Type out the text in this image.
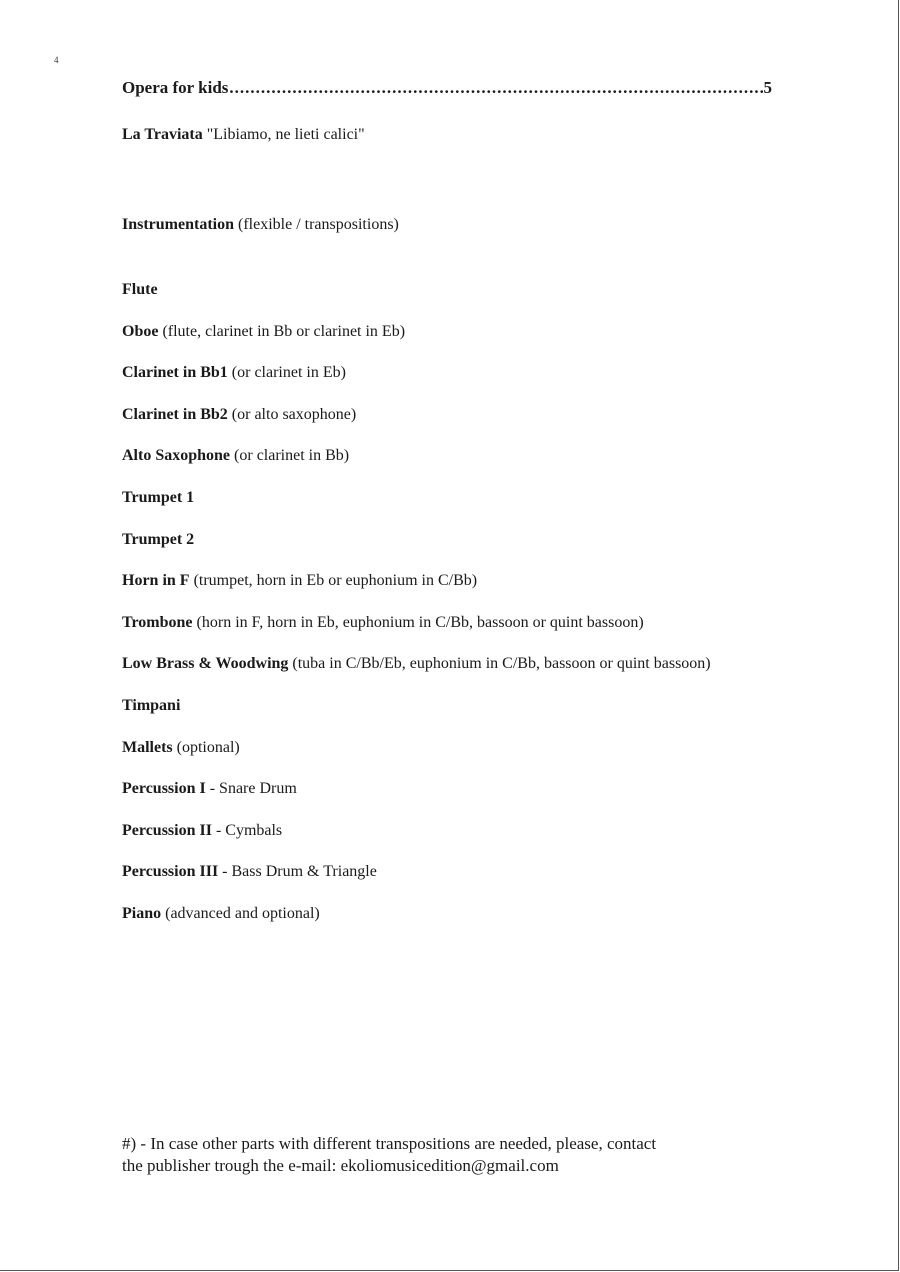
4
Opera for kids
.....	5
La Traviata "Libiamo, ne lieti calici"
Instrumentation (flexible / transpositions)
Flute
Oboe (flute, clarinet in Bb or clarinet in Eb)
Clarinet in Bb1 (or clarinet in Eb)
Clarinet in Bb2 (or alto saxophone)
Alto Saxophone (or clarinet in Bb)
Trumpet 1
Trumpet 2
Horn in F (trumpet, horn in Eb or euphonium in C/Bb)
Trombone (horn in F, horn in Eb, euphonium in C/Bb, bassoon or quint bassoon)
Low Brass & Woodwing (tuba in C/Bb/Eb, euphonium in C/Bb, bassoon or quint bassoon)
Timpani
Mallets (optional)
Percussion I - Snare Drum
Percussion II - Cymbals
Percussion III - Bass Drum & Triangle
Piano (advanced and optional)
#) - In case other parts with different transpositions are needed, please, contact
the publisher trough the e-mail: ekoliomusicedition@gmail.com
